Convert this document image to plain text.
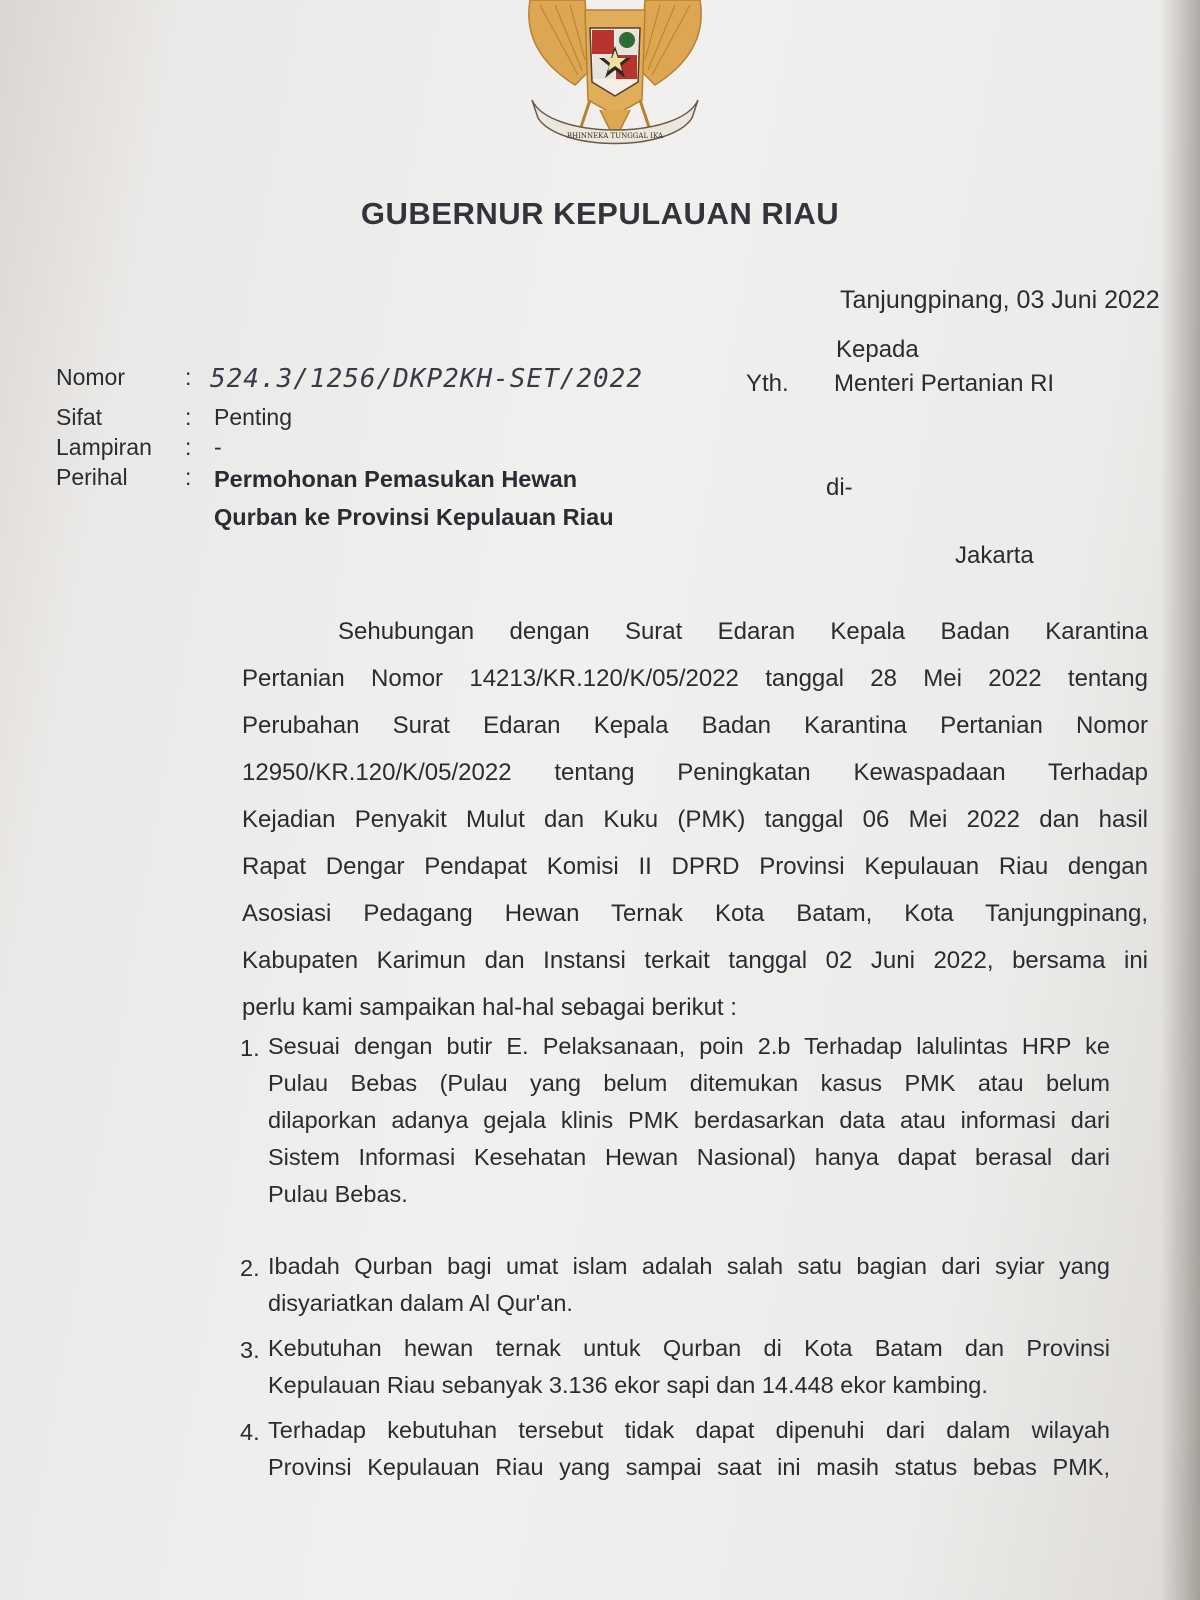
BHINNEKA TUNGGAL IKA
GUBERNUR KEPULAUAN RIAU
Tanjungpinang, 03 Juni 2022
Kepada
Yth. Menteri Pertanian RI
di-
Jakarta
Nomor	: 524.3/1256/DKP2KH-SET/2022
Sifat	: Penting
Lampiran : -
Perihal : Permohonan Pemasukan Hewan
Qurban ke Provinsi Kepulauan Riau
Sehubungan dengan Surat Edaran Kepala Badan Karantina
Pertanian Nomor 14213/KR.120/K/05/2022 tanggal 28 Mei 2022 tentang
Perubahan Surat Edaran Kepala Badan Karantina Pertanian Nomor
12950/KR.120/K/05/2022 tentang Peningkatan Kewaspadaan Terhadap
Kejadian Penyakit Mulut dan Kuku (PMK) tanggal 06 Mei 2022 dan hasil
Rapat Dengar Pendapat Komisi II DPRD Provinsi Kepulauan Riau dengan
Asosiasi Pedagang Hewan Ternak Kota Batam, Kota Tanjungpinang,
Kabupaten Karimun dan Instansi terkait tanggal 02 Juni 2022, bersama ini
perlu kami sampaikan hal-hal sebagai berikut :
1. Sesuai dengan butir E. Pelaksanaan, poin 2.b Terhadap lalulintas HRP ke
Pulau Bebas (Pulau yang belum ditemukan kasus PMK atau belum
dilaporkan adanya gejala klinis PMK berdasarkan data atau informasi dari
Sistem Informasi Kesehatan Hewan Nasional) hanya dapat berasal dari
Pulau Bebas.
2. Ibadah Qurban bagi umat islam adalah salah satu bagian dari syiar yang
disyariatkan dalam Al Qur'an.
3. Kebutuhan hewan ternak untuk Qurban di Kota Batam dan Provinsi
Kepulauan Riau sebanyak 3.136 ekor sapi dan 14.448 ekor kambing.
4. Terhadap kebutuhan tersebut tidak dapat dipenuhi dari dalam wilayah
Provinsi Kepulauan Riau yang sampai saat ini masih status bebas PMK,
